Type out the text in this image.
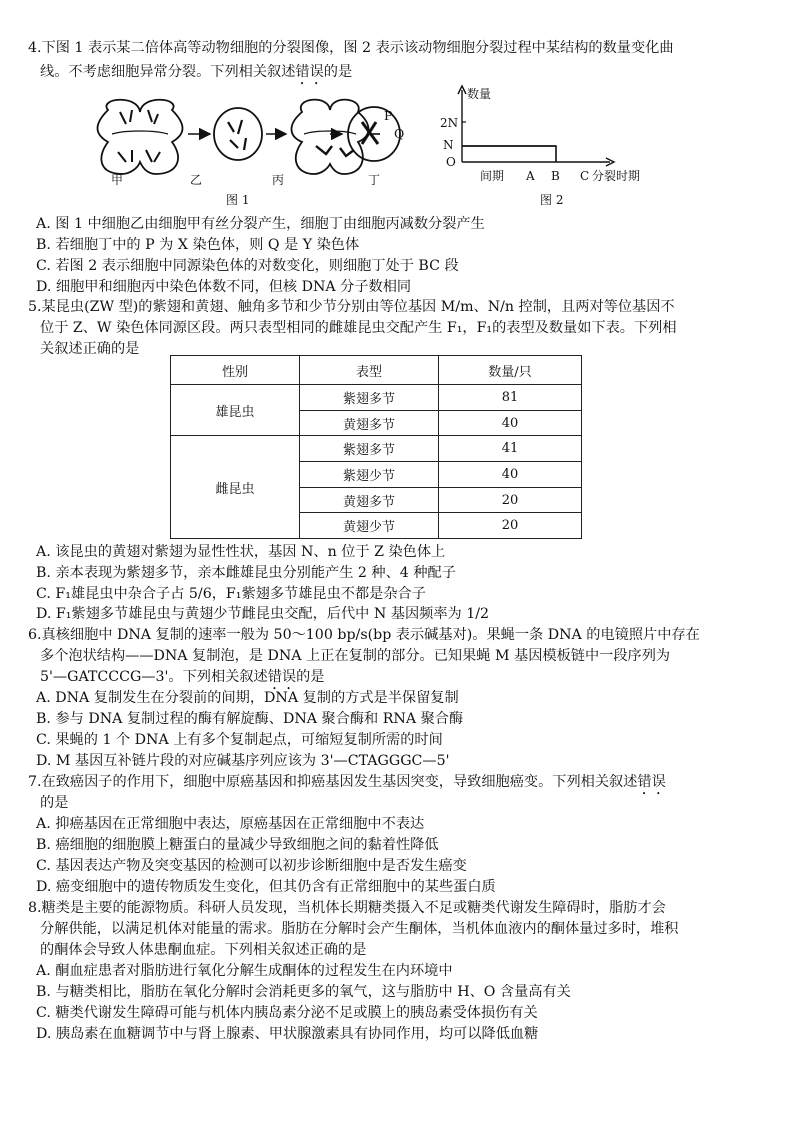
4.下图 1 表示某二倍体高等动物细胞的分裂图像，图 2 表示该动物细胞分裂过程中某结构的数量变化曲
线。不考虑细胞异常分裂。下列相关叙述错误的是
P
Q
甲	乙	丙	丁
图 1
数量
2N
N
O
间期 A B C 分裂时期
图 2
A. 图 1 中细胞乙由细胞甲有丝分裂产生，细胞丁由细胞丙减数分裂产生
B. 若细胞丁中的 P 为 X 染色体，则 Q 是 Y 染色体
C. 若图 2 表示细胞中同源染色体的对数变化，则细胞丁处于 BC 段
D. 细胞甲和细胞丙中染色体数不同，但核 DNA 分子数相同
5.某昆虫(ZW 型)的紫翅和黄翅、触角多节和少节分别由等位基因 M/m、N/n 控制，且两对等位基因不
位于 Z、W 染色体同源区段。两只表型相同的雌雄昆虫交配产生 F₁，F₁的表型及数量如下表。下列相
关叙述正确的是
性别	表型	数量/只
雄昆虫	紫翅多节	81
	黄翅多节	40
雌昆虫	紫翅多节	41
	紫翅少节	40
	黄翅多节	20
	黄翅少节	20
A. 该昆虫的黄翅对紫翅为显性性状，基因 N、n 位于 Z 染色体上
B. 亲本表现为紫翅多节，亲本雌雄昆虫分别能产生 2 种、4 种配子
C. F₁雄昆虫中杂合子占 5/6，F₁紫翅多节雄昆虫不都是杂合子
D. F₁紫翅多节雄昆虫与黄翅少节雌昆虫交配，后代中 N 基因频率为 1/2
6.真核细胞中 DNA 复制的速率一般为 50～100 bp/s(bp 表示碱基对)。果蝇一条 DNA 的电镜照片中存在
多个泡状结构——DNA 复制泡，是 DNA 上正在复制的部分。已知果蝇 M 基因模板链中一段序列为
5'—GATCCCG—3'。下列相关叙述错误的是
A. DNA 复制发生在分裂前的间期，DNA 复制的方式是半保留复制
B. 参与 DNA 复制过程的酶有解旋酶、DNA 聚合酶和 RNA 聚合酶
C. 果蝇的 1 个 DNA 上有多个复制起点，可缩短复制所需的时间
D. M 基因互补链片段的对应碱基序列应该为 3'—CTAGGGC—5'
7.在致癌因子的作用下，细胞中原癌基因和抑癌基因发生基因突变，导致细胞癌变。下列相关叙述错误
的是
A. 抑癌基因在正常细胞中表达，原癌基因在正常细胞中不表达
B. 癌细胞的细胞膜上糖蛋白的量减少导致细胞之间的黏着性降低
C. 基因表达产物及突变基因的检测可以初步诊断细胞中是否发生癌变
D. 癌变细胞中的遗传物质发生变化，但其仍含有正常细胞中的某些蛋白质
8.糖类是主要的能源物质。科研人员发现，当机体长期糖类摄入不足或糖类代谢发生障碍时，脂肪才会
分解供能，以满足机体对能量的需求。脂肪在分解时会产生酮体，当机体血液内的酮体量过多时，堆积
的酮体会导致人体患酮血症。下列相关叙述正确的是
A. 酮血症患者对脂肪进行氧化分解生成酮体的过程发生在内环境中
B. 与糖类相比，脂肪在氧化分解时会消耗更多的氧气，这与脂肪中 H、O 含量高有关
C. 糖类代谢发生障碍可能与机体内胰岛素分泌不足或膜上的胰岛素受体损伤有关
D. 胰岛素在血糖调节中与肾上腺素、甲状腺激素具有协同作用，均可以降低血糖
